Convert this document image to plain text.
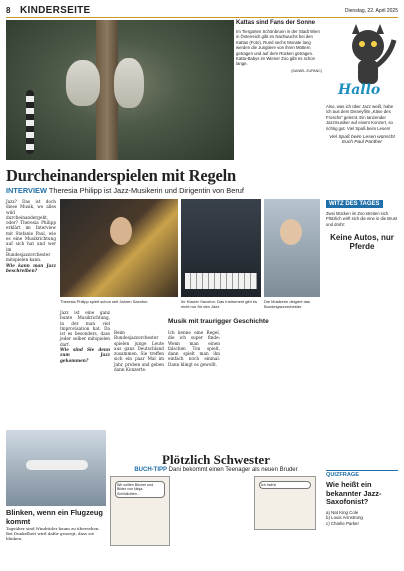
8 KINDERSEITE	Dienstag, 22. April 2025
Kattas sind Fans der Sonne

Im Tiergarten Schönbrunn in der Stadt Wien in Österreich gibt es Nachwuchs bei den Kattas (Foto). Rund sechs Monate lang werden die Jungtiere von ihren Müttern getragen und auf dem Rücken getragen. Katta-Babys im Wiener Zoo gibt es schon lange.

(DANIEL ZUPANC)
Hallo

Also, was ich über Jazz weiß, habe ich aus dem Disneyfilm „Käse des Froschs“ gelernt. Ein tanzender Jazzmusiker auf einem Konzert, so richtig gut. Viel Spaß beim Lesen!

Viel Spaß beim Lesen wünscht Euch Paul Panther

Durcheinanderspielen mit Regeln
INTERVIEW Theresia Philipp ist Jazz-Musikerin und Dirigentin von Beruf

Jazz? Das ist doch diese Musik, wo alles wild durcheinandergeht, oder? Theresia Philipp erklärt im Interview mit Stefanie Paul, wie es eine Musikrichtung auf sich hat und wer im Bundesjazzorchester mitspielen kann.

Wie kann man Jazz beschreiben?

Theresia Philipp spielt schon seit Jahren Saxofon.	Ihr Klavier Saxofon. Das Instrument gibt es nicht nur für den Jazz.
Die Musikerin dirigiert das Bundesjazzorchester.

Jazz ist eine ganz bunte Musikrichtung, in der man viel Improvisation hat. Da ist es besonders, dass jeder selber mitspielen darf.

Wie sind Sie denn zum Jazz gekommen?

Beim Bundesjazzorchester spielen junge Leute aus ganz Deutschland zusammen. Sie treffen sich ein paar Mal im Jahr, proben und geben dann Konzerte.

Musik mit traurigger Geschichte

Ich kenne eine Regel, die ich super finde: Wenn man einen falschen Ton spielt, dann spielt man ihn einfach noch einmal. Dann klingt es gewollt.

WITZ DES TAGES

Zwei Mücken im Zoo streiten sich. Plötzlich wirft sich die eine in die Brust und droht:

Keine Autos, nur Pferde

Blinken, wenn ein Flugzeug kommt

Tagsüber sind Windräder kaum zu übersehen. Bei Dunkelheit wird dafür gesorgt, dass sie blinken.

Plötzlich Schwester
BUCH-TIPP Dani bekommt einen Teenager als neuen Bruder
Wir sollten Bücher und Bilder von Ninja-Schildkröten...
Ich hab's!
QUIZFRAGE
Wie heißt ein bekannter Jazz-Saxofonist?
a) Nat King Cole
b) Louis Armstrong
c) Charlie Parker
